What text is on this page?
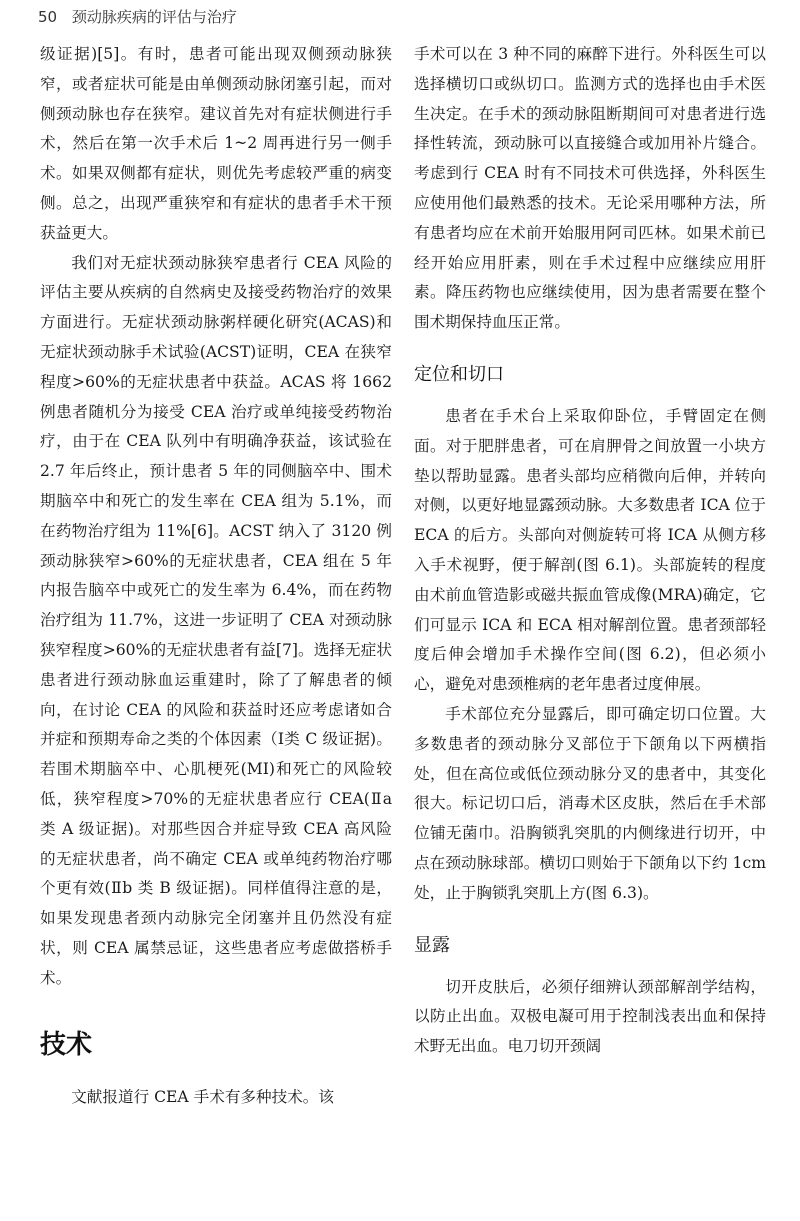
50 颈动脉疾病的评估与治疗

级证据)[5]。有时，患者可能出现双侧颈动脉狭窄，或者症状可能是由单侧颈动脉闭塞引起，而对侧颈动脉也存在狭窄。建议首先对有症状侧进行手术，然后在第一次手术后 1~2 周再进行另一侧手术。如果双侧都有症状，则优先考虑较严重的病变侧。总之，出现严重狭窄和有症状的患者手术干预获益更大。

我们对无症状颈动脉狭窄患者行 CEA 风险的评估主要从疾病的自然病史及接受药物治疗的效果方面进行。无症状颈动脉粥样硬化研究(ACAS)和无症状颈动脉手术试验(ACST)证明，CEA 在狭窄程度>60%的无症状患者中获益。ACAS 将 1662 例患者随机分为接受 CEA 治疗或单纯接受药物治疗，由于在 CEA 队列中有明确净获益，该试验在 2.7 年后终止，预计患者 5 年的同侧脑卒中、围术期脑卒中和死亡的发生率在 CEA 组为 5.1%，而在药物治疗组为 11%[6]。ACST 纳入了 3120 例颈动脉狭窄>60%的无症状患者，CEA 组在 5 年内报告脑卒中或死亡的发生率为 6.4%，而在药物治疗组为 11.7%，这进一步证明了 CEA 对颈动脉狭窄程度>60%的无症状患者有益[7]。选择无症状患者进行颈动脉血运重建时，除了了解患者的倾向，在讨论 CEA 的风险和获益时还应考虑诸如合并症和预期寿命之类的个体因素（Ⅰ类 C 级证据)。若围术期脑卒中、心肌梗死(MI)和死亡的风险较低，狭窄程度>70%的无症状患者应行 CEA(Ⅱa 类 A 级证据)。对那些因合并症导致 CEA 高风险的无症状患者，尚不确定 CEA 或单纯药物治疗哪个更有效(Ⅱb 类 B 级证据)。同样值得注意的是，如果发现患者颈内动脉完全闭塞并且仍然没有症状，则 CEA 属禁忌证，这些患者应考虑做搭桥手术。

技术

文献报道行 CEA 手术有多种技术。该

手术可以在 3 种不同的麻醉下进行。外科医生可以选择横切口或纵切口。监测方式的选择也由手术医生决定。在手术的颈动脉阻断期间可对患者进行选择性转流，颈动脉可以直接缝合或加用补片缝合。考虑到行 CEA 时有不同技术可供选择，外科医生应使用他们最熟悉的技术。无论采用哪种方法，所有患者均应在术前开始服用阿司匹林。如果术前已经开始应用肝素，则在手术过程中应继续应用肝素。降压药物也应继续使用，因为患者需要在整个围术期保持血压正常。

定位和切口

患者在手术台上采取仰卧位，手臂固定在侧面。对于肥胖患者，可在肩胛骨之间放置一小块方垫以帮助显露。患者头部均应稍微向后伸，并转向对侧，以更好地显露颈动脉。大多数患者 ICA 位于 ECA 的后方。头部向对侧旋转可将 ICA 从侧方移入手术视野，便于解剖(图 6.1)。头部旋转的程度由术前血管造影或磁共振血管成像(MRA)确定，它们可显示 ICA 和 ECA 相对解剖位置。患者颈部轻度后伸会增加手术操作空间(图 6.2)，但必须小心，避免对患颈椎病的老年患者过度伸展。

手术部位充分显露后，即可确定切口位置。大多数患者的颈动脉分叉部位于下颌角以下两横指处，但在高位或低位颈动脉分叉的患者中，其变化很大。标记切口后，消毒术区皮肤，然后在手术部位铺无菌巾。沿胸锁乳突肌的内侧缘进行切开，中点在颈动脉球部。横切口则始于下颌角以下约 1cm 处，止于胸锁乳突肌上方(图 6.3)。

显露

切开皮肤后，必须仔细辨认颈部解剖学结构，以防止出血。双极电凝可用于控制浅表出血和保持术野无出血。电刀切开颈阔
